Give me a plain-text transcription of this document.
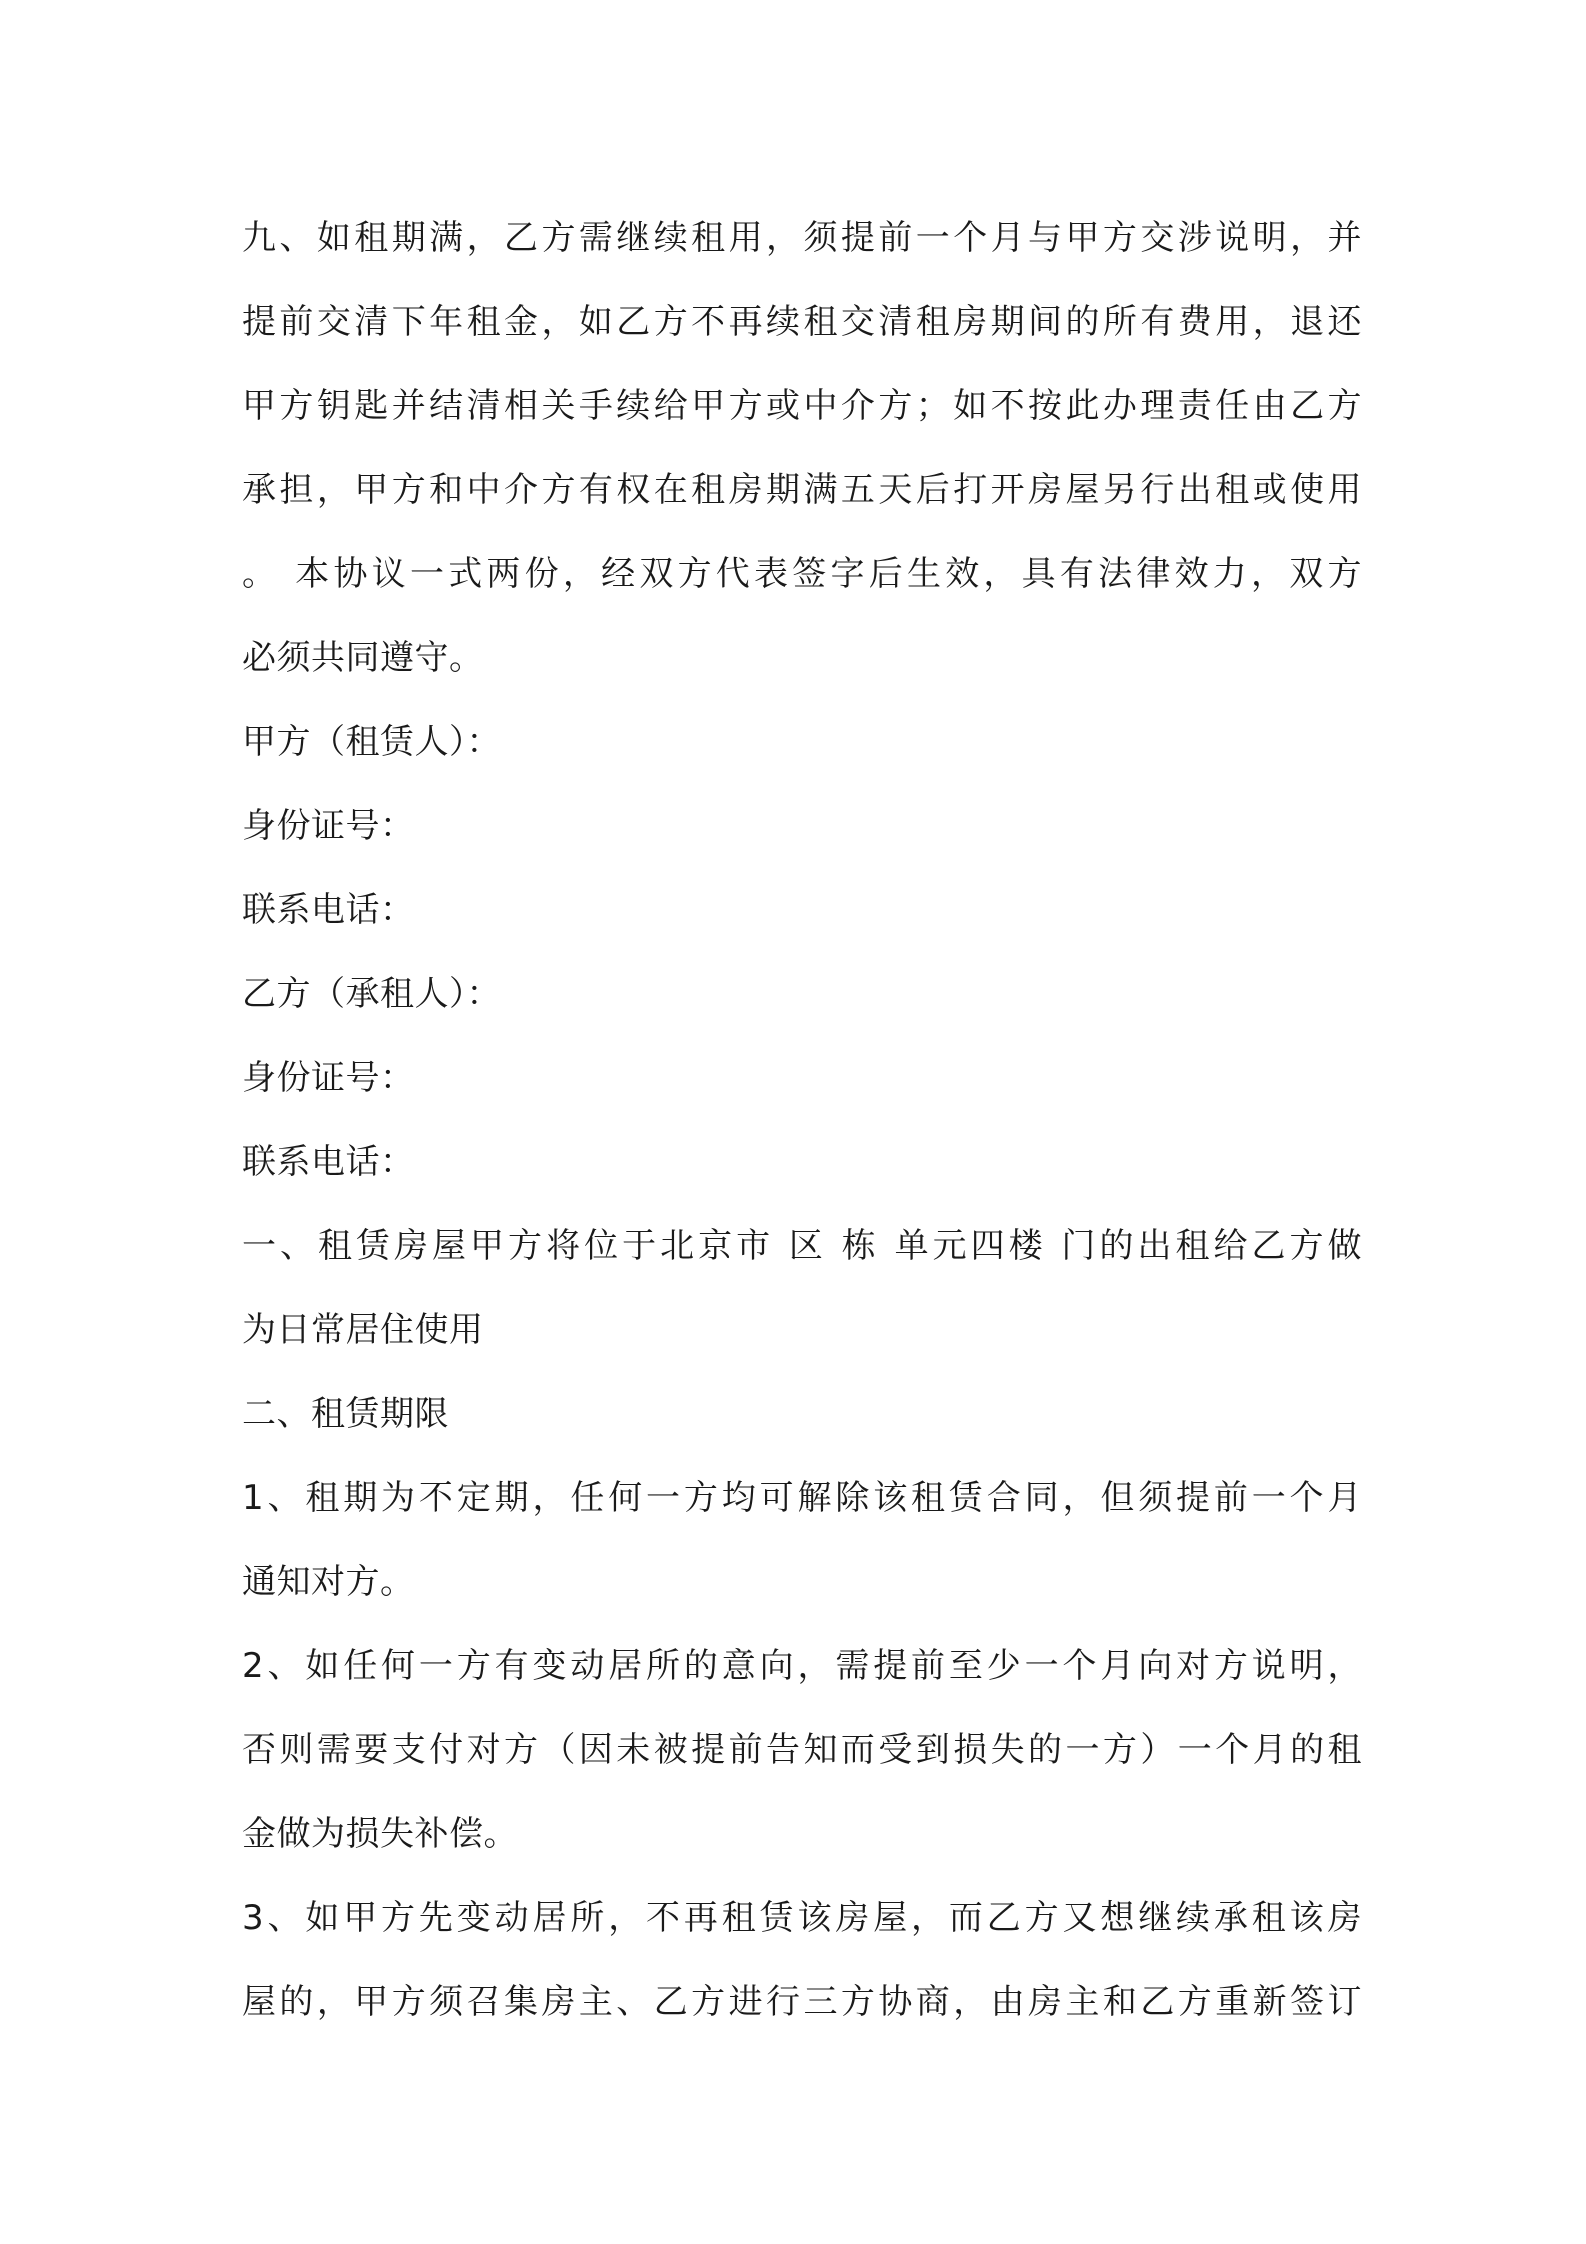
九、如租期满，乙方需继续租用，须提前一个月与甲方交涉说明，并
提前交清下年租金，如乙方不再续租交清租房期间的所有费用，退还
甲方钥匙并结清相关手续给甲方或中介方；如不按此办理责任由乙方
承担，甲方和中介方有权在租房期满五天后打开房屋另行出租或使用
。 本协议一式两份，经双方代表签字后生效，具有法律效力，双方
必须共同遵守。
甲方（租赁人）：
身份证号：
联系电话：
乙方（承租人）：
身份证号：
联系电话：
一、租赁房屋甲方将位于北京市 区 栋 单元四楼 门的出租给乙方做
为日常居住使用
二、租赁期限
1、租期为不定期，任何一方均可解除该租赁合同，但须提前一个月
通知对方。
2、如任何一方有变动居所的意向，需提前至少一个月向对方说明，
否则需要支付对方（因未被提前告知而受到损失的一方）一个月的租
金做为损失补偿。
3、如甲方先变动居所，不再租赁该房屋，而乙方又想继续承租该房
屋的，甲方须召集房主、乙方进行三方协商，由房主和乙方重新签订
